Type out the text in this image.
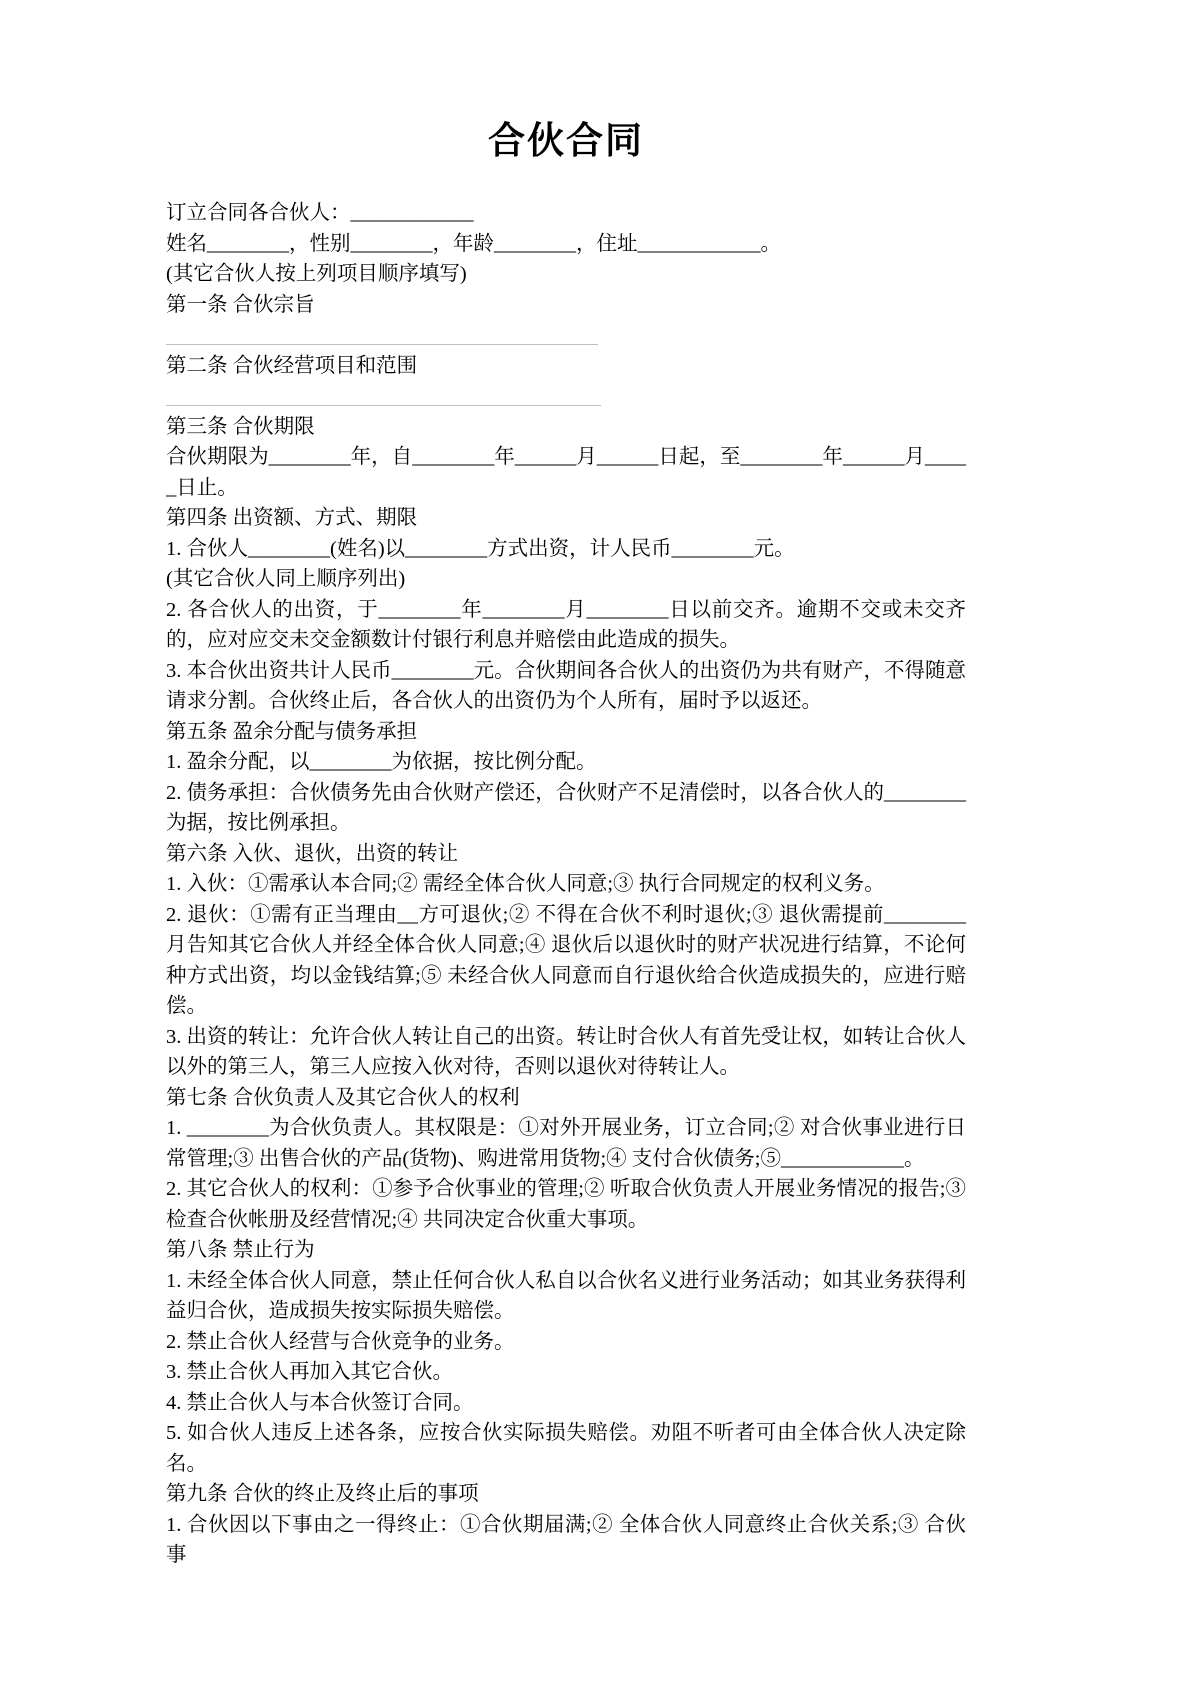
合伙合同

订立合同各合伙人：____________

姓名________，性别________，年龄________，住址____________。

(其它合伙人按上列项目顺序填写)

第一条 合伙宗旨

第二条 合伙经营项目和范围

第三条 合伙期限

合伙期限为________年，自________年______月______日起，至________年______月_____日止。

第四条 出资额、方式、期限

1. 合伙人________(姓名)以________方式出资，计人民币________元。

(其它合伙人同上顺序列出)

2. 各合伙人的出资，于________年________月________日以前交齐。逾期不交或未交齐的，应对应交未交金额数计付银行利息并赔偿由此造成的损失。

3. 本合伙出资共计人民币________元。合伙期间各合伙人的出资仍为共有财产，不得随意请求分割。合伙终止后，各合伙人的出资仍为个人所有，届时予以返还。

第五条 盈余分配与债务承担

1. 盈余分配，以________为依据，按比例分配。

2. 债务承担：合伙债务先由合伙财产偿还，合伙财产不足清偿时，以各合伙人的________为据，按比例承担。

第六条 入伙、退伙，出资的转让

1. 入伙：①需承认本合同;② 需经全体合伙人同意;③ 执行合同规定的权利义务。

2. 退伙：①需有正当理由__方可退伙;② 不得在合伙不利时退伙;③ 退伙需提前________月告知其它合伙人并经全体合伙人同意;④ 退伙后以退伙时的财产状况进行结算，不论何种方式出资，均以金钱结算;⑤ 未经合伙人同意而自行退伙给合伙造成损失的，应进行赔偿。

3. 出资的转让：允许合伙人转让自己的出资。转让时合伙人有首先受让权，如转让合伙人以外的第三人，第三人应按入伙对待，否则以退伙对待转让人。

第七条 合伙负责人及其它合伙人的权利

1. ________为合伙负责人。其权限是：①对外开展业务，订立合同;② 对合伙事业进行日常管理;③ 出售合伙的产品(货物)、购进常用货物;④ 支付合伙债务;⑤____________。

2. 其它合伙人的权利：①参予合伙事业的管理;② 听取合伙负责人开展业务情况的报告;③ 检查合伙帐册及经营情况;④ 共同决定合伙重大事项。

第八条 禁止行为

1. 未经全体合伙人同意，禁止任何合伙人私自以合伙名义进行业务活动；如其业务获得利益归合伙，造成损失按实际损失赔偿。

2. 禁止合伙人经营与合伙竞争的业务。

3. 禁止合伙人再加入其它合伙。

4. 禁止合伙人与本合伙签订合同。

5. 如合伙人违反上述各条，应按合伙实际损失赔偿。劝阻不听者可由全体合伙人决定除名。

第九条 合伙的终止及终止后的事项

1. 合伙因以下事由之一得终止：①合伙期届满;② 全体合伙人同意终止合伙关系;③ 合伙事
